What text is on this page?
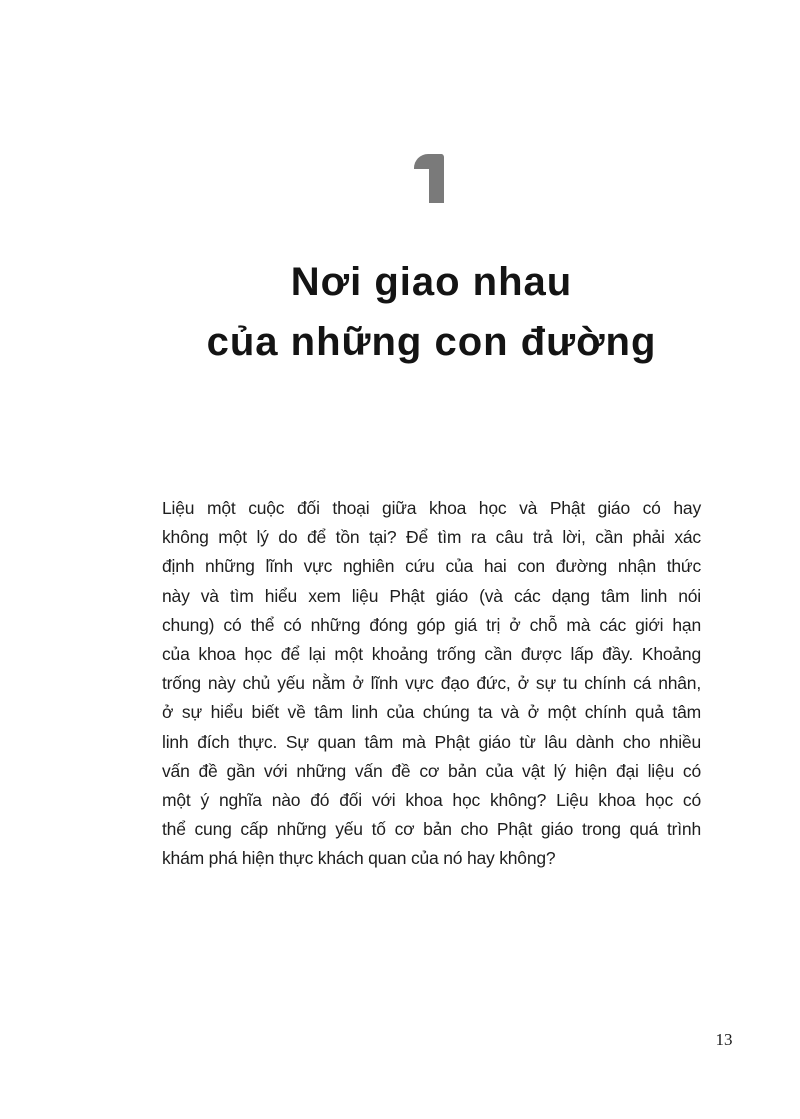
Nơi giao nhau
của những con đường
Liệu một cuộc đối thoại giữa khoa học và Phật giáo có hay
không một lý do để tồn tại? Để tìm ra câu trả lời, cần phải xác
định những lĩnh vực nghiên cứu của hai con đường nhận thức
này và tìm hiểu xem liệu Phật giáo (và các dạng tâm linh nói
chung) có thể có những đóng góp giá trị ở chỗ mà các giới hạn
của khoa học để lại một khoảng trống cần được lấp đầy. Khoảng
trống này chủ yếu nằm ở lĩnh vực đạo đức, ở sự tu chính cá nhân,
ở sự hiểu biết về tâm linh của chúng ta và ở một chính quả tâm
linh đích thực. Sự quan tâm mà Phật giáo từ lâu dành cho nhiều
vấn đề gần với những vấn đề cơ bản của vật lý hiện đại liệu có
một ý nghĩa nào đó đối với khoa học không? Liệu khoa học có
thể cung cấp những yếu tố cơ bản cho Phật giáo trong quá trình
khám phá hiện thực khách quan của nó hay không?
13
